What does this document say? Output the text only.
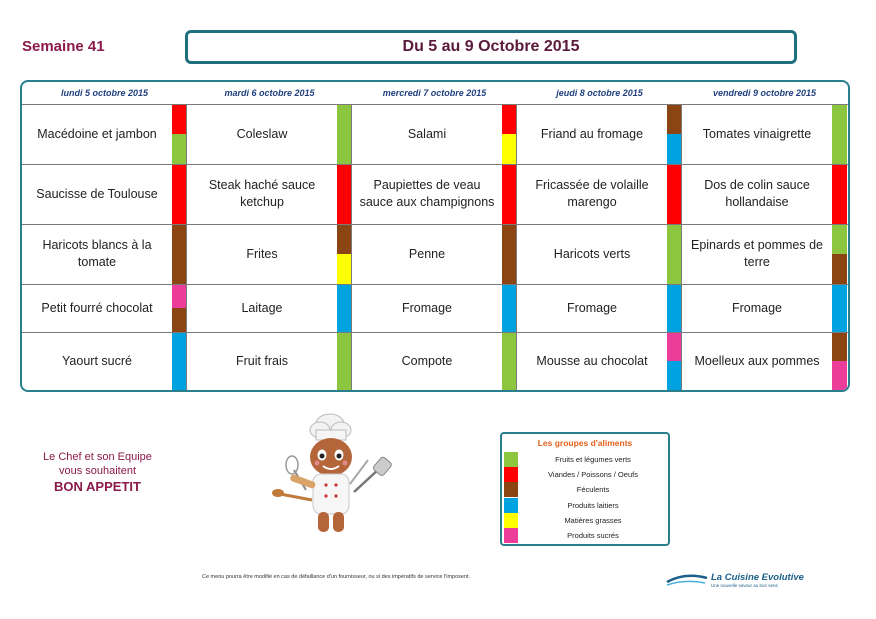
Semaine 41	Du 5 au 9 Octobre 2015
lundi 5 octobre 2015
Macédoine et jambon
Saucisse de Toulouse
Haricots blancs à la tomate
Petit fourré chocolat
Yaourt sucré
mardi 6 octobre 2015
Coleslaw
Steak haché sauce ketchup
Frites
Laitage
Fruit frais
mercredi 7 octobre 2015
Salami
Paupiettes de veau sauce aux champignons
Penne
Fromage
Compote
jeudi 8 octobre 2015
Friand au fromage
Fricassée de volaille marengo
Haricots verts
Fromage
Mousse au chocolat
vendredi 9 octobre 2015
Tomates vinaigrette
Dos de colin sauce hollandaise
Epinards et pommes de terre
Fromage
Moelleux aux pommes
Le Chef et son Equipe
vous souhaitent
BON APPETIT
Les groupes d'aliments
Fruits et légumes verts
Viandes / Poissons / Oeufs
Féculents
Produits laitiers
Matières grasses
Produits sucrés
Ce menu pourra être modifié en cas de défaillance d'un fournisseur, ou si des impératifs de service l'imposent.	La Cuisine Evolutive
Une nouvelle saveur au bon sens
